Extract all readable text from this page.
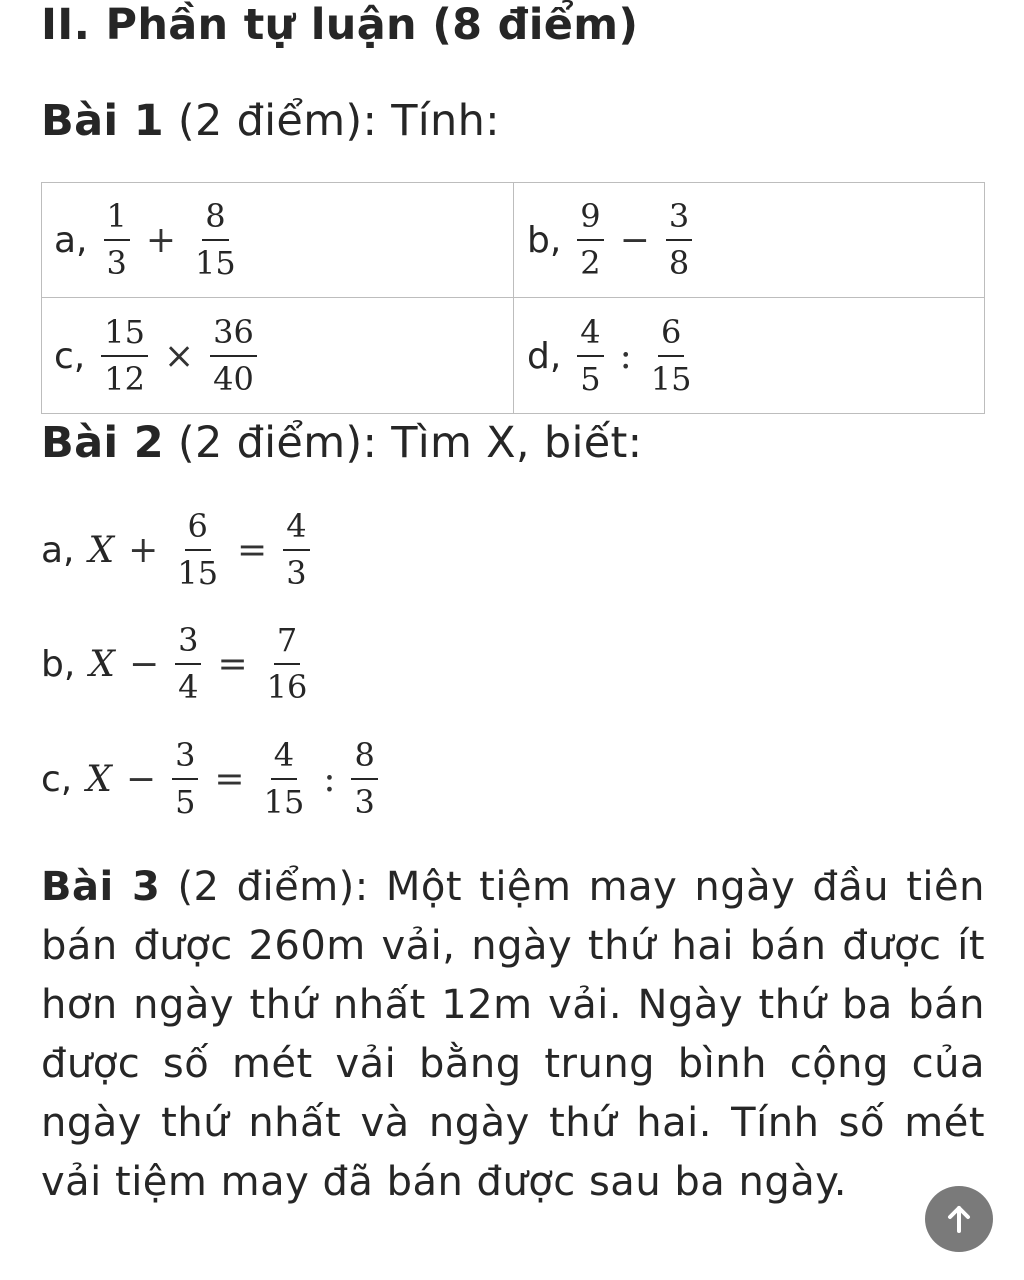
II. Phần tự luận (8 điểm)
Bài 1 (2 điểm): Tính:
a, $\frac{1}{3} + \frac{8}{15}$	b, $\frac{9}{2} - \frac{3}{8}$
c, $\frac{15}{12} \times \frac{36}{40}$	d, $\frac{4}{5}$ : $\frac{6}{15}$
Bài 2 (2 điểm): Tìm X, biết:
a, $X + \frac{6}{15} = \frac{4}{3}$
b, $X - \frac{3}{4} = \frac{7}{16}$
c, $X - \frac{3}{5} = \frac{4}{15}$ : $\frac{8}{3}$
Bài 3 (2 điểm): Một tiệm may ngày đầu tiên bán được 260m vải, ngày thứ hai bán được ít hơn ngày thứ nhất 12m vải. Ngày thứ ba bán được số mét vải bằng trung bình cộng của ngày thứ nhất và ngày thứ hai. Tính số mét vải tiệm may đã bán được sau ba ngày.
